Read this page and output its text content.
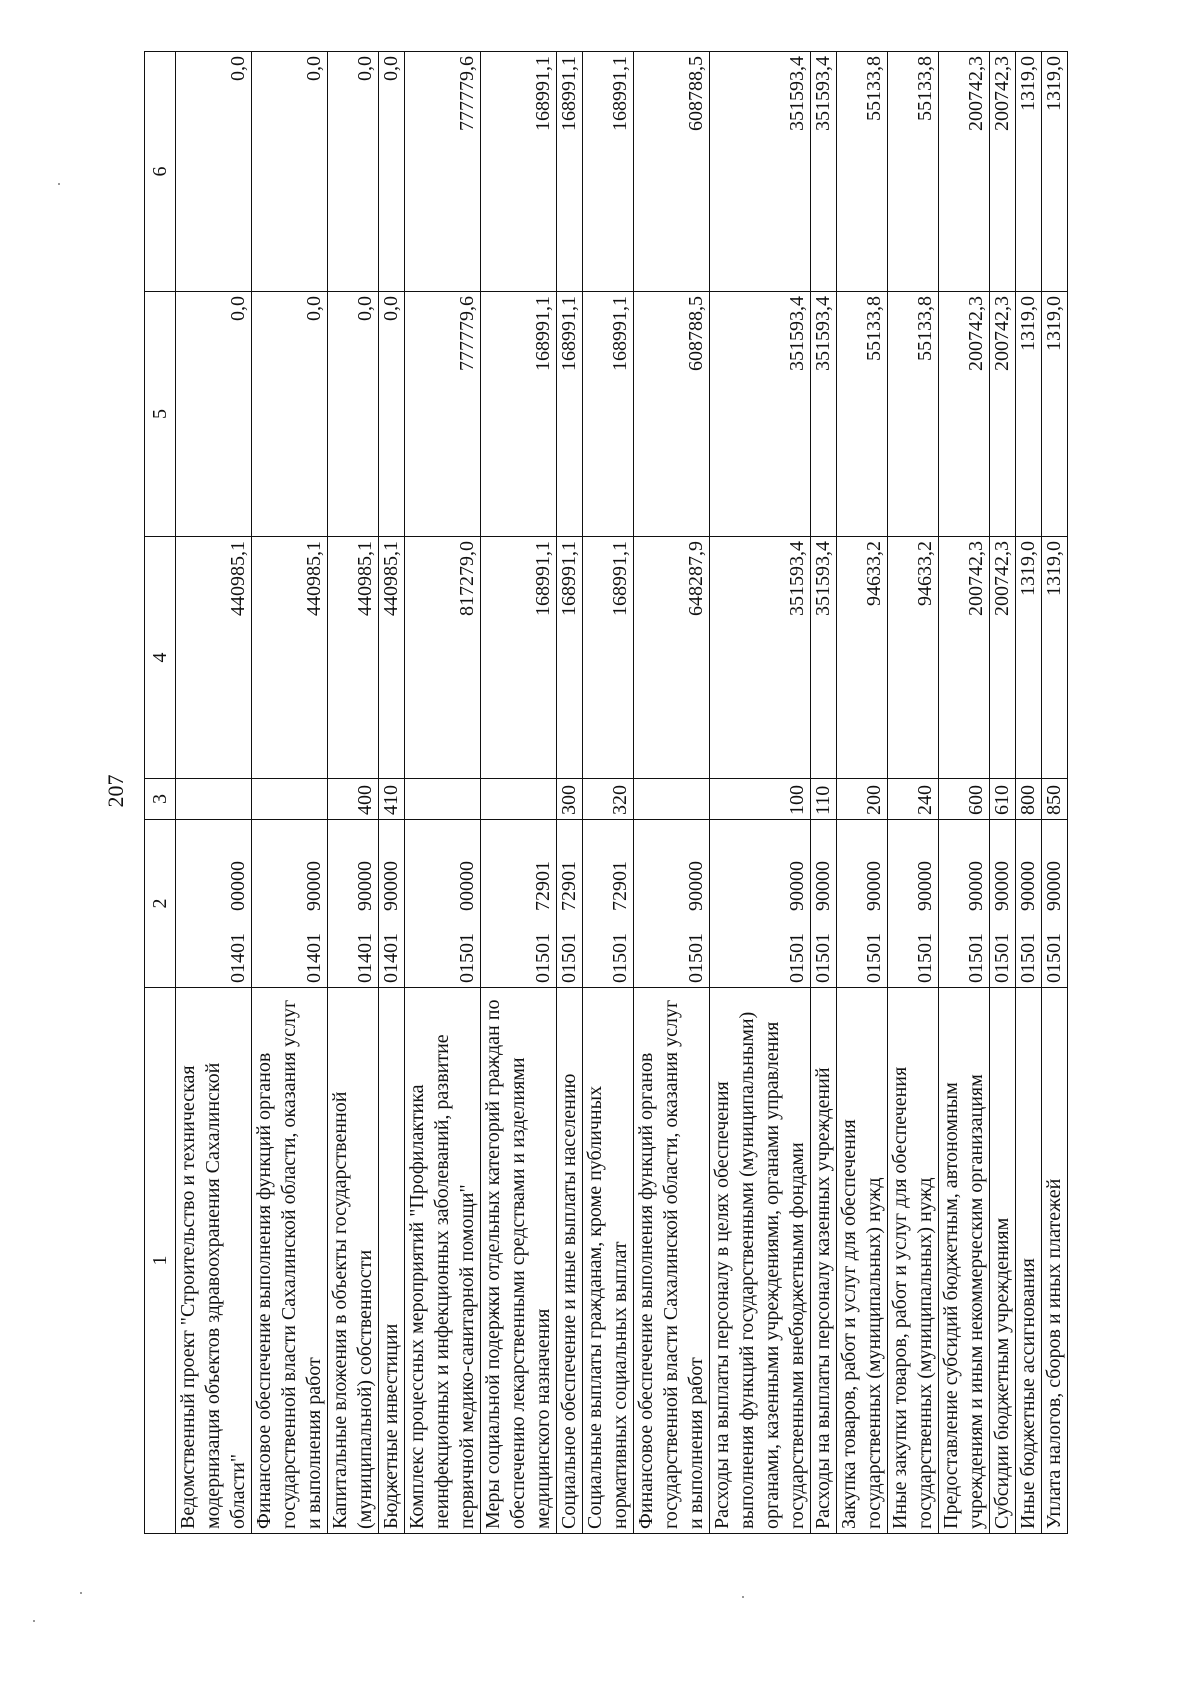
207
1	2	3	4	5	6
Ведомственный проект "Строительство и техническая модернизация объектов здравоохранения Сахалинской области"	0140100000		440985,1	0,0	0,0
Финансовое обеспечение выполнения функций органов государственной власти Сахалинской области, оказания услуг и выполнения работ	0140190000		440985,1	0,0	0,0
Капитальные вложения в объекты государственной (муниципальной) собственности	0140190000	400	440985,1	0,0	0,0
Бюджетные инвестиции	0140190000	410	440985,1	0,0	0,0
Комплекс процессных мероприятий "Профилактика неинфекционных и инфекционных заболеваний, развитие первичной медико-санитарной помощи"	0150100000		817279,0	777779,6	777779,6
Меры социальной подержки отдельных категорий граждан по обеспечению лекарственными средствами и изделиями медицинского назначения	0150172901		168991,1	168991,1	168991,1
Социальное обеспечение и иные выплаты населению	0150172901	300	168991,1	168991,1	168991,1
Социальные выплаты гражданам, кроме публичных нормативных социальных выплат	0150172901	320	168991,1	168991,1	168991,1
Финансовое обеспечение выполнения функций органов государственной власти Сахалинской области, оказания услуг и выполнения работ	0150190000		648287,9	608788,5	608788,5
Расходы на выплаты персоналу в целях обеспечения выполнения функций государственными (муниципальными) органами, казенными учреждениями, органами управления государственными внебюджетными фондами	0150190000	100	351593,4	351593,4	351593,4
Расходы на выплаты персоналу казенных учреждений	0150190000	110	351593,4	351593,4	351593,4
Закупка товаров, работ и услуг для обеспечения государственных (муниципальных) нужд	0150190000	200	94633,2	55133,8	55133,8
Иные закупки товаров, работ и услуг для обеспечения государственных (муниципальных) нужд	0150190000	240	94633,2	55133,8	55133,8
Предоставление субсидий бюджетным, автономным учреждениям и иным некоммерческим организациям	0150190000	600	200742,3	200742,3	200742,3
Субсидии бюджетным учреждениям	0150190000	610	200742,3	200742,3	200742,3
Иные бюджетные ассигнования	0150190000	800	1319,0	1319,0	1319,0
Уплата налогов, сборов и иных платежей	0150190000	850	1319,0	1319,0	1319,0
